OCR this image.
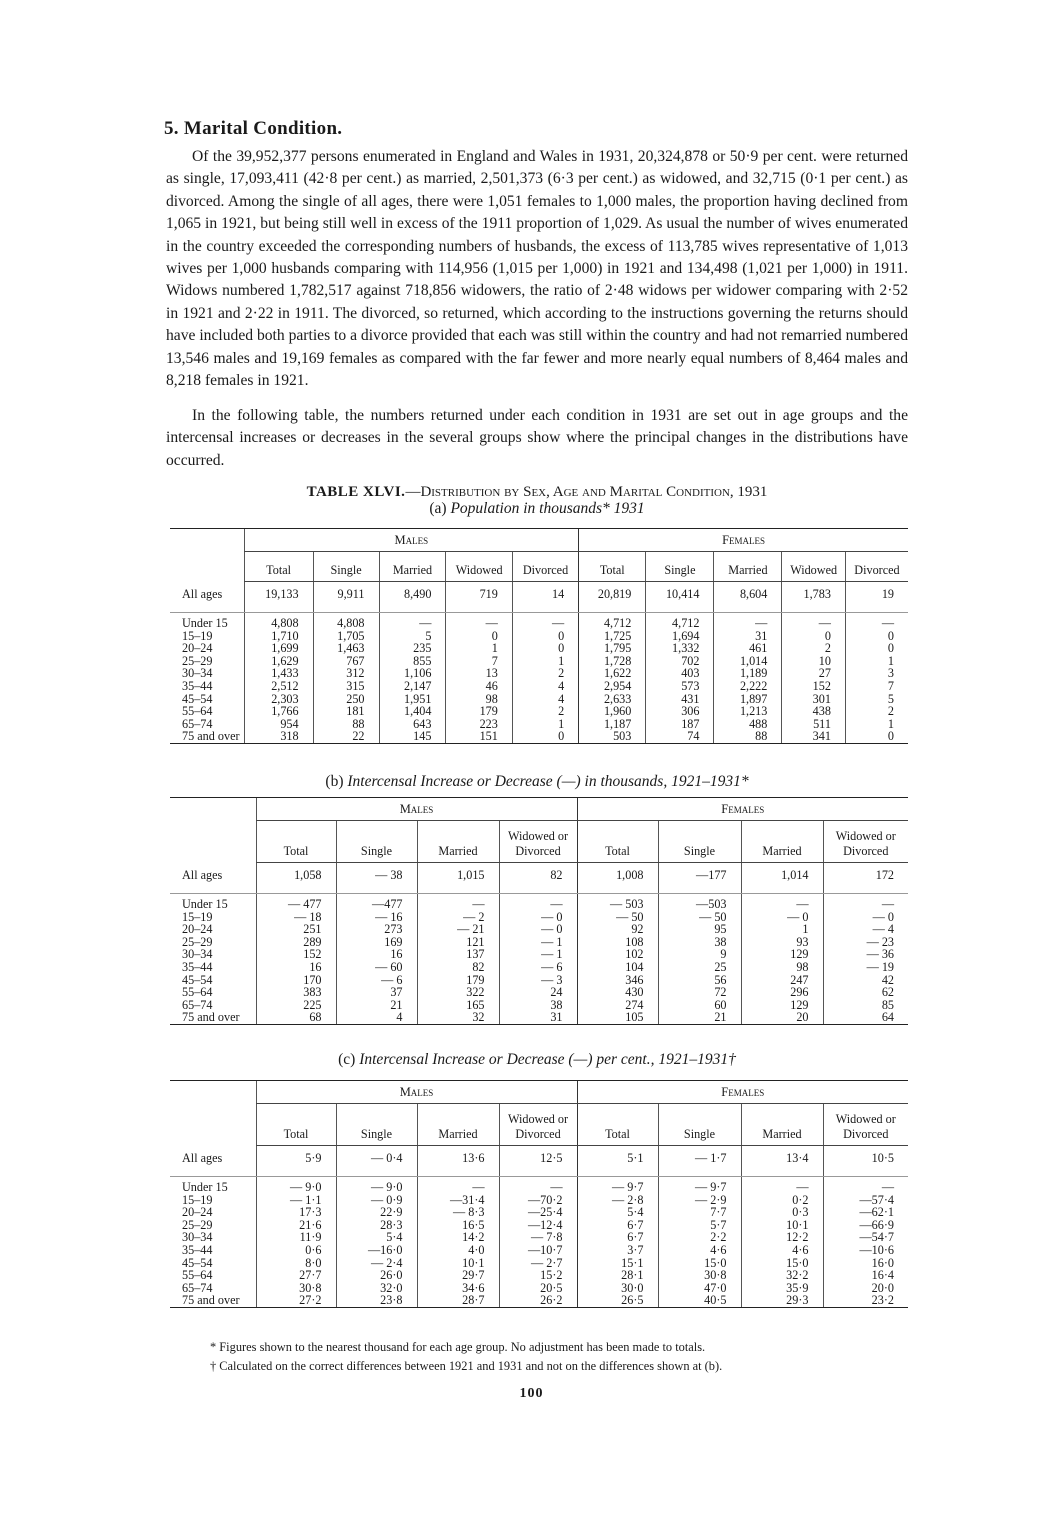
5. Marital Condition.

Of the 39,952,377 persons enumerated in England and Wales in 1931, 20,324,878 or 50·9 per cent. were returned as single, 17,093,411 (42·8 per cent.) as married, 2,501,373 (6·3 per cent.) as widowed, and 32,715 (0·1 per cent.) as divorced. Among the single of all ages, there were 1,051 females to 1,000 males, the proportion having declined from 1,065 in 1921, but being still well in excess of the 1911 proportion of 1,029. As usual the number of wives enumerated in the country exceeded the corresponding numbers of husbands, the excess of 113,785 wives representative of 1,013 wives per 1,000 husbands comparing with 114,956 (1,015 per 1,000) in 1921 and 134,498 (1,021 per 1,000) in 1911. Widows numbered 1,782,517 against 718,856 widowers, the ratio of 2·48 widows per widower comparing with 2·52 in 1921 and 2·22 in 1911. The divorced, so returned, which according to the instructions governing the returns should have included both parties to a divorce provided that each was still within the country and had not remarried numbered 13,546 males and 19,169 females as compared with the far fewer and more nearly equal numbers of 8,464 males and 8,218 females in 1921.

In the following table, the numbers returned under each condition in 1931 are set out in age groups and the intercensal increases or decreases in the several groups show where the principal changes in the distributions have occurred.

TABLE XLVI.—Distribution by Sex, Age and Marital Condition, 1931
(a) Population in thousands* 1931
	Males					Females				
	Total	Single	Married	Widowed	Divorced	Total	Single	Married	Widowed	Divorced
All ages	19,133	9,911	8,490	719	14	20,819	10,414	8,604	1,783	19
Under 15	4,808	4,808	—	—	—	4,712	4,712	—	—	—
15–19	1,710	1,705	5	0	0	1,725	1,694	31	0	0
20–24	1,699	1,463	235	1	0	1,795	1,332	461	2	0
25–29	1,629	767	855	7	1	1,728	702	1,014	10	1
30–34	1,433	312	1,106	13	2	1,622	403	1,189	27	3
35–44	2,512	315	2,147	46	4	2,954	573	2,222	152	7
45–54	2,303	250	1,951	98	4	2,633	431	1,897	301	5
55–64	1,766	181	1,404	179	2	1,960	306	1,213	438	2
65–74	954	88	643	223	1	1,187	187	488	511	1
75 and over	318	22	145	151	0	503	74	88	341	0
(b) Intercensal Increase or Decrease (—) in thousands, 1921–1931*
	Males				Females			
	Total	Single	Married	Widowed or Divorced	Total	Single	Married	Widowed or Divorced
All ages	1,058	— 38	1,015	82	1,008	—177	1,014	172
Under 15	— 477	—477	—	—	— 503	—503	—	—
15–19	— 18	— 16	— 2	— 0	— 50	— 50	— 0	— 0
20–24	251	273	— 21	— 0	92	95	1	— 4
25–29	289	169	121	— 1	108	38	93	— 23
30–34	152	16	137	— 1	102	9	129	— 36
35–44	16	— 60	82	— 6	104	25	98	— 19
45–54	170	— 6	179	— 3	346	56	247	42
55–64	383	37	322	24	430	72	296	62
65–74	225	21	165	38	274	60	129	85
75 and over	68	4	32	31	105	21	20	64
(c) Intercensal Increase or Decrease (—) per cent., 1921–1931†
	Males				Females			
	Total	Single	Married	Widowed or Divorced	Total	Single	Married	Widowed or Divorced
All ages	5·9	— 0·4	13·6	12·5	5·1	— 1·7	13·4	10·5
Under 15	— 9·0	— 9·0	—	—	— 9·7	— 9·7	—	—
15–19	— 1·1	— 0·9	—31·4	—70·2	— 2·8	— 2·9	0·2	—57·4
20–24	17·3	22·9	— 8·3	—25·4	5·4	7·7	0·3	—62·1
25–29	21·6	28·3	16·5	—12·4	6·7	5·7	10·1	—66·9
30–34	11·9	5·4	14·2	— 7·8	6·7	2·2	12·2	—54·7
35–44	0·6	—16·0	4·0	—10·7	3·7	4·6	4·6	—10·6
45–54	8·0	— 2·4	10·1	— 2·7	15·1	15·0	15·0	16·0
55–64	27·7	26·0	29·7	15·2	28·1	30·8	32·2	16·4
65–74	30·8	32·0	34·6	20·5	30·0	47·0	35·9	20·0
75 and over	27·2	23·8	28·7	26·2	26·5	40·5	29·3	23·2
* Figures shown to the nearest thousand for each age group. No adjustment has been made to totals.
† Calculated on the correct differences between 1921 and 1931 and not on the differences shown at (b).
100
